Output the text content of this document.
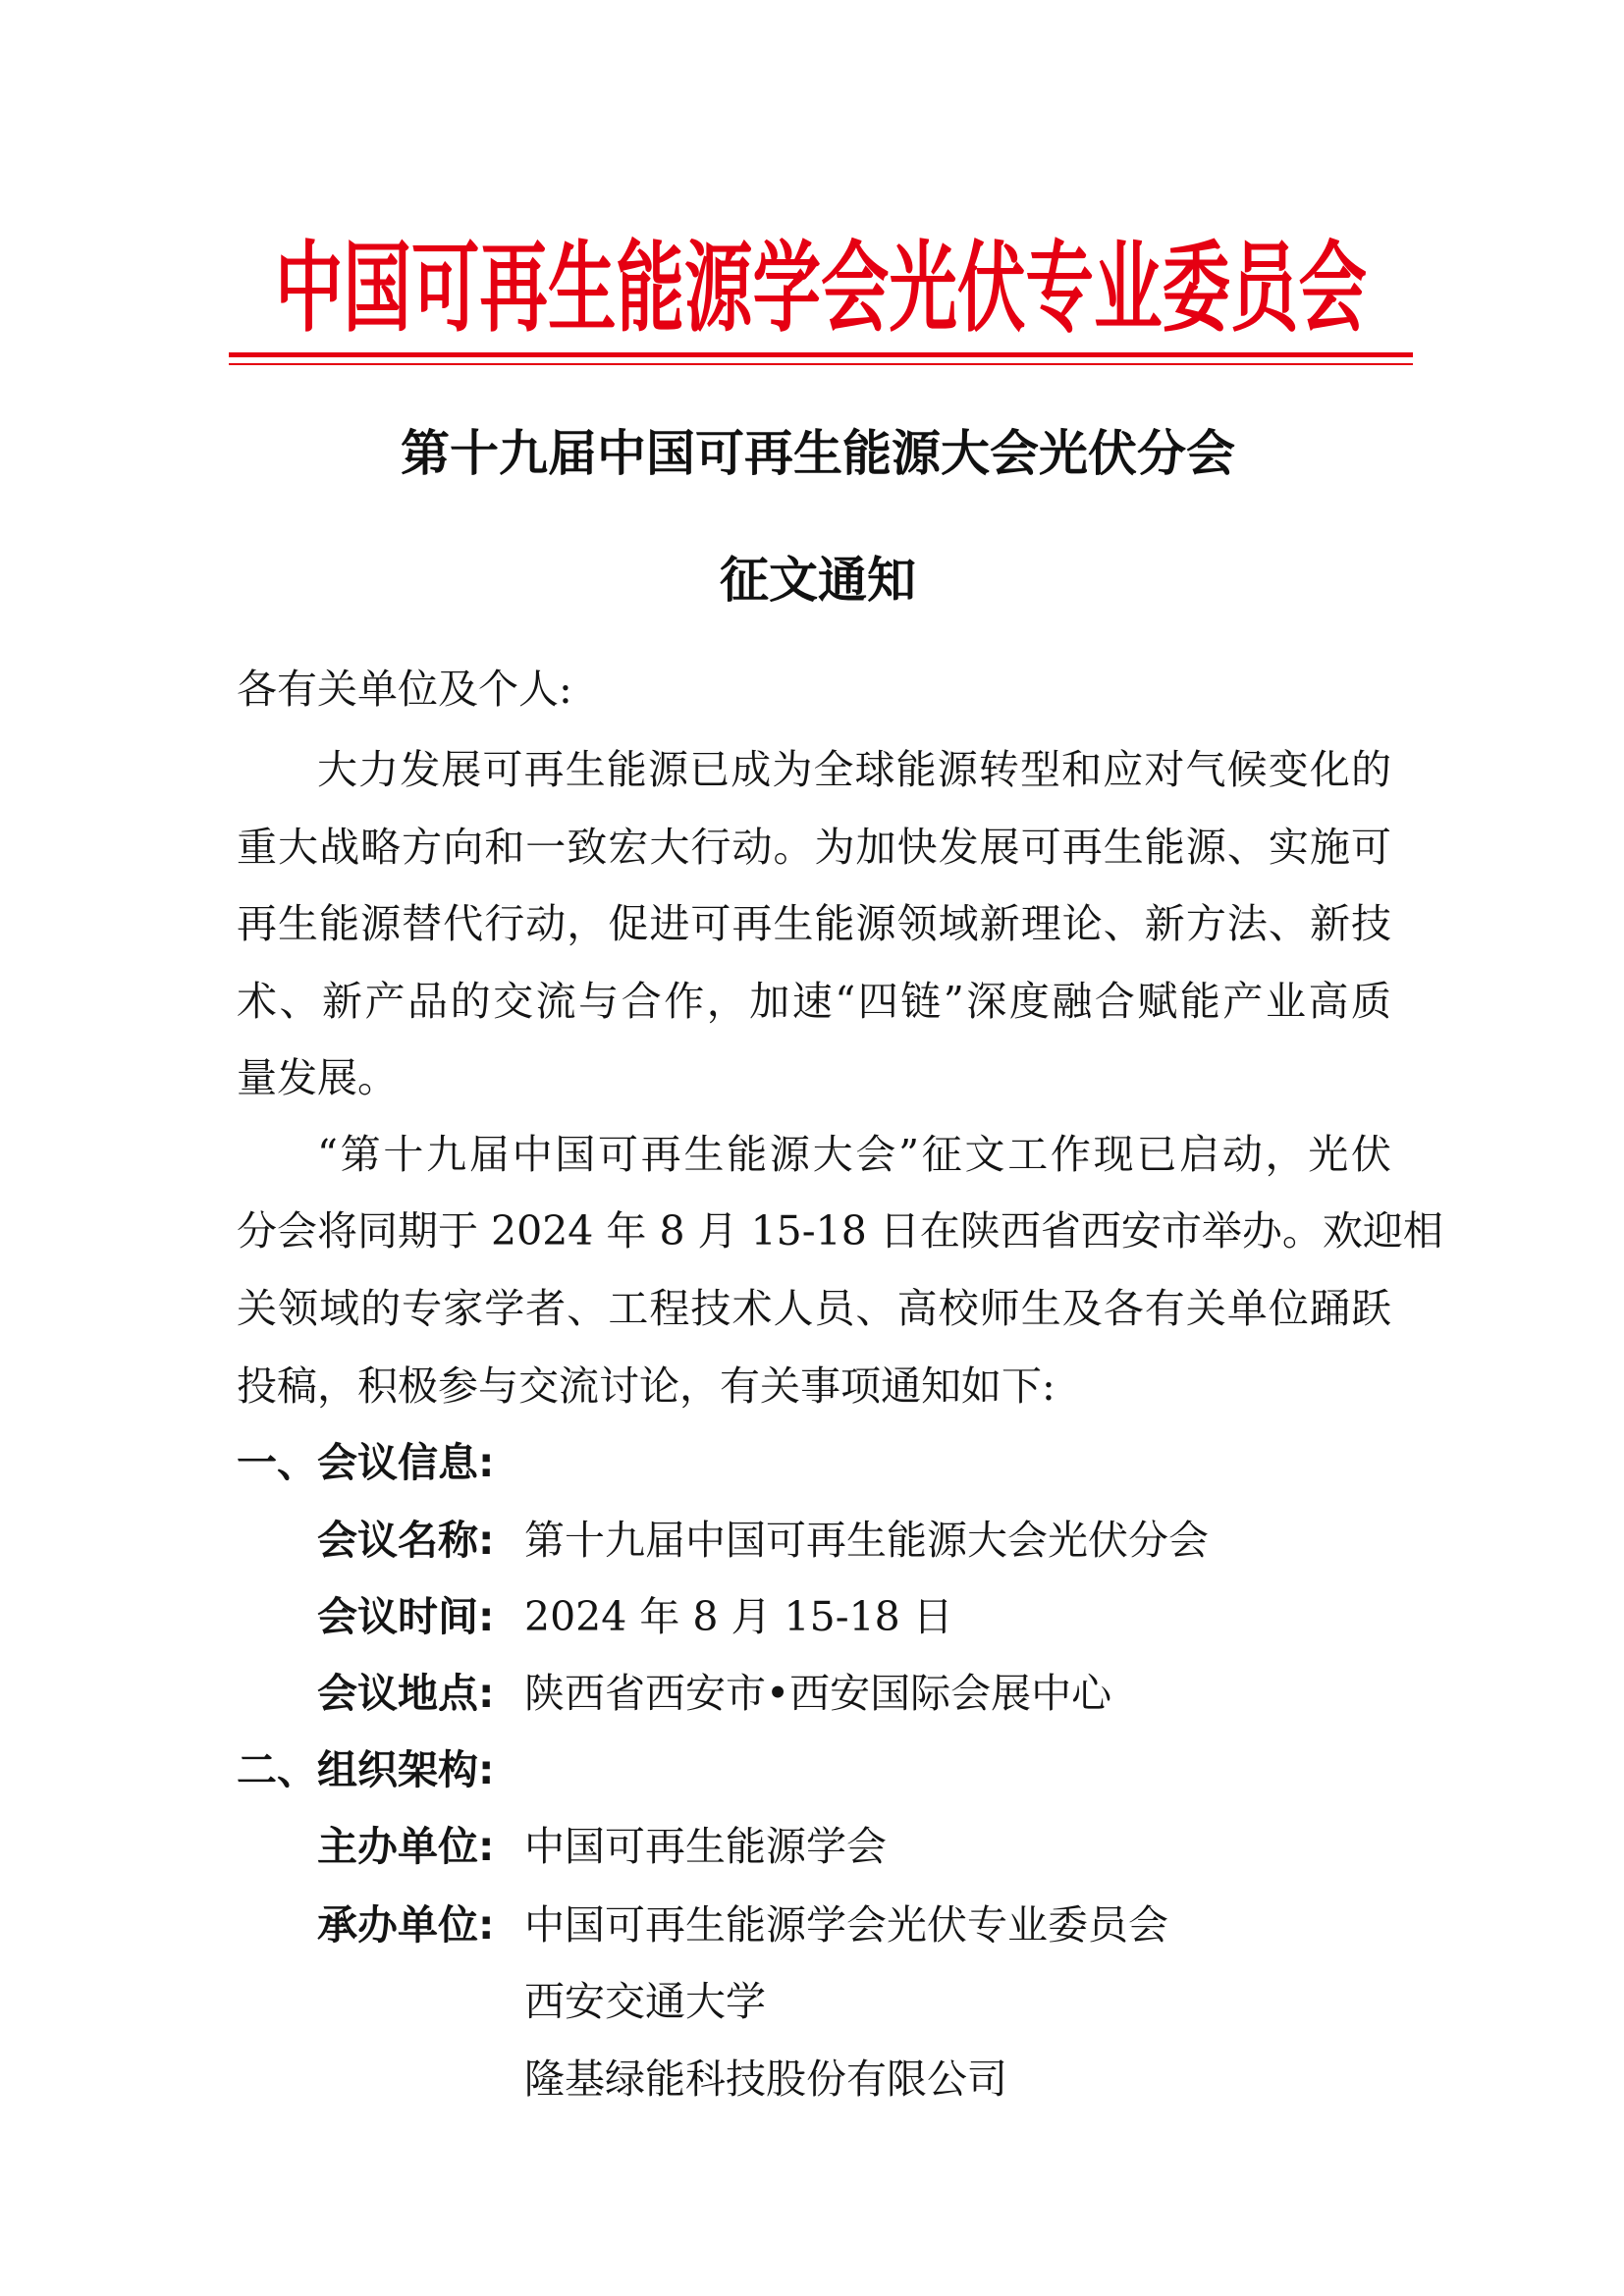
中国可再生能源学会光伏专业委员会
第十九届中国可再生能源大会光伏分会
征文通知
各有关单位及个人:
大力发展可再生能源已成为全球能源转型和应对气候变化的
重大战略方向和一致宏大行动。为加快发展可再生能源、实施可
再生能源替代行动，促进可再生能源领域新理论、新方法、新技
术、新产品的交流与合作，加速“四链”深度融合赋能产业高质
量发展。
“第十九届中国可再生能源大会”征文工作现已启动，光伏
分会将同期于 2024 年 8 月 15-18 日在陕西省西安市举办。欢迎相
关领域的专家学者、工程技术人员、高校师生及各有关单位踊跃
投稿，积极参与交流讨论，有关事项通知如下:
一、会议信息:
会议名称: 第十九届中国可再生能源大会光伏分会
会议时间: 2024 年 8 月 15-18 日
会议地点: 陕西省西安市•西安国际会展中心
二、组织架构:
主办单位: 中国可再生能源学会
承办单位: 中国可再生能源学会光伏专业委员会
西安交通大学
隆基绿能科技股份有限公司
